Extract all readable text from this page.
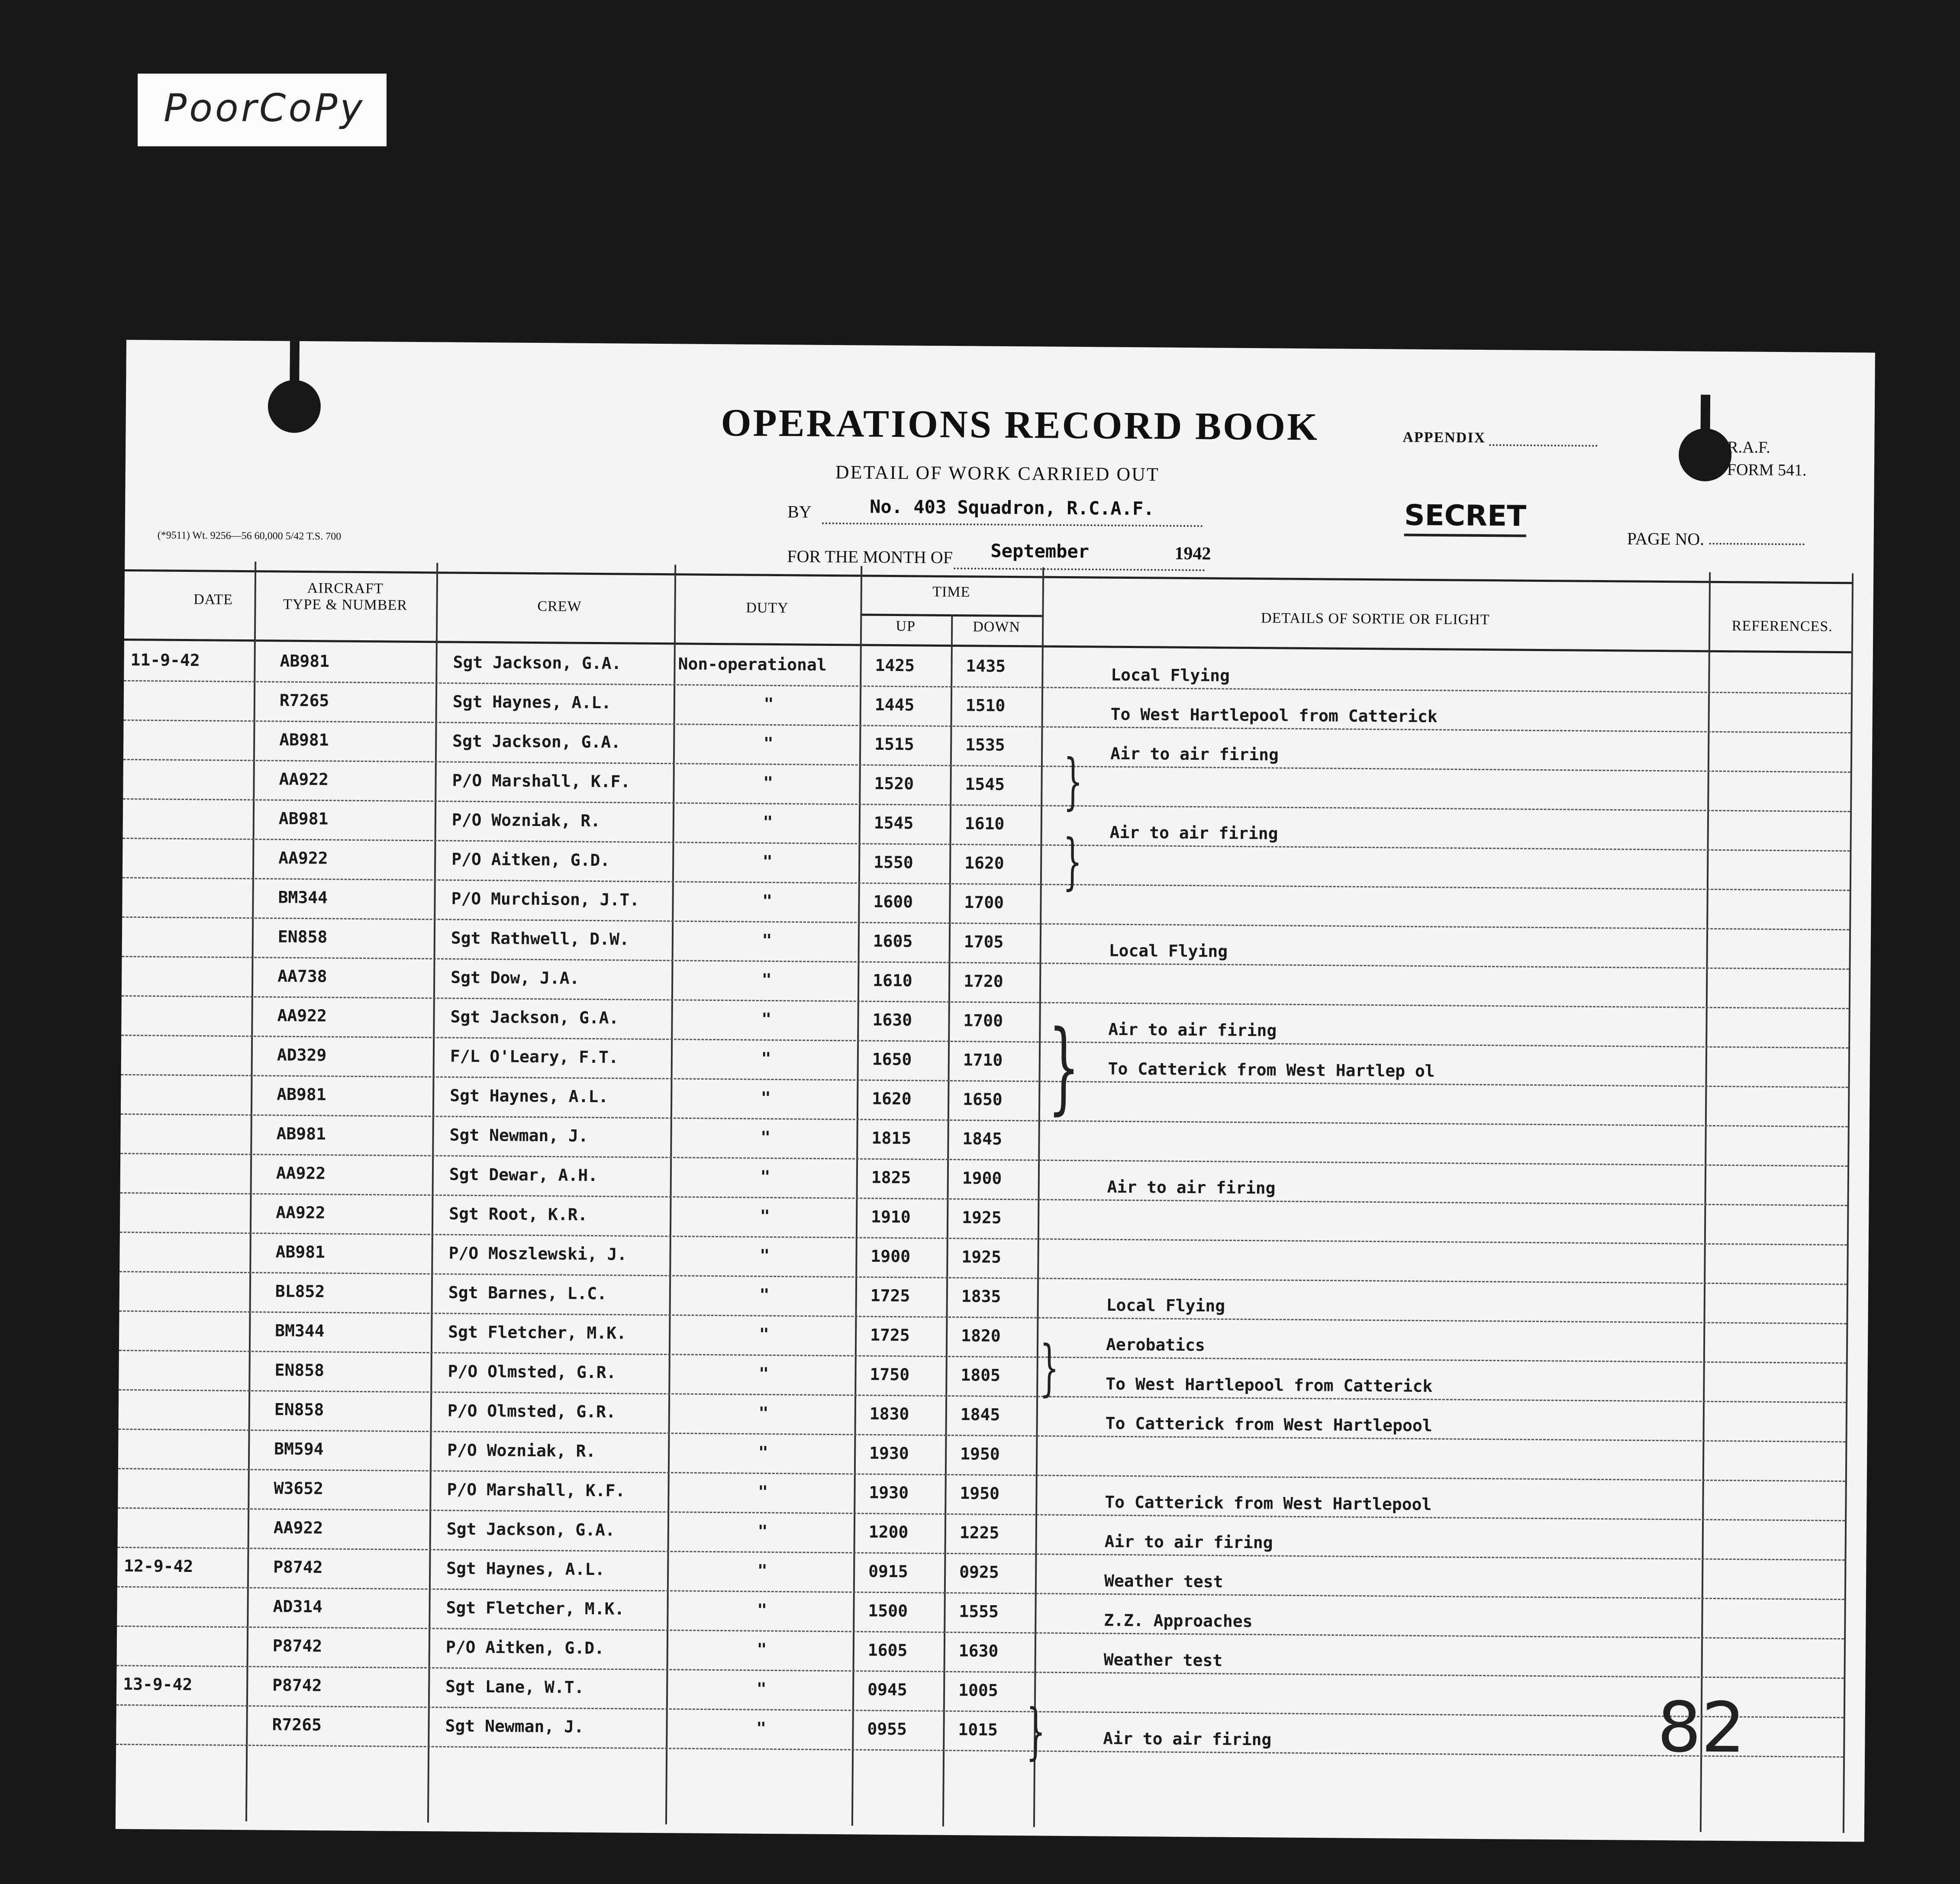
PoorCoPy
OPERATIONS RECORD BOOK
DETAIL OF WORK CARRIED OUT
BY	No. 403 Squadron, R.C.A.F.
FOR THE MONTH OF September	1942
APPENDIX
R.A.F.
FORM 541.
SECRET
PAGE NO.
(*9511) Wt. 9256—56 60,000 5/42 T.S. 700
DATE
AIRCRAFT
TYPE & NUMBER	CREW	DUTY
TIME
UP	DOWN	DETAILS OF SORTIE OR FLIGHT	REFERENCES.
11-9-42	AB981	Sgt Jackson, G.A.	Non-operational	1425	1435	Local Flying
R7265	Sgt Haynes, A.L.	"	1445	1510	To West Hartlepool from Catterick
AB981	Sgt Jackson, G.A.	"	1515	1535	Air to air firing
AA922	P/O Marshall, K.F.	"	1520	1545
AB981	P/O Wozniak, R.	"	1545	1610	Air to air firing
AA922	P/O Aitken, G.D.	"	1550	1620
BM344	P/O Murchison, J.T.	"	1600	1700
EN858	Sgt Rathwell, D.W.	"	1605	1705	Local Flying
AA738	Sgt Dow, J.A.	"	1610	1720
AA922	Sgt Jackson, G.A.	"	1630	1700	Air to air firing
AD329	F/L O'Leary, F.T.	"	1650	1710	To Catterick from West Hartlep ol
AB981	Sgt Haynes, A.L.	"	1620	1650
AB981	Sgt Newman, J.	"	1815	1845
AA922	Sgt Dewar, A.H.	"	1825	1900	Air to air firing
AA922	Sgt Root, K.R.	"	1910	1925
AB981	P/O Moszlewski, J.	"	1900	1925
BL852	Sgt Barnes, L.C.	"	1725	1835	Local Flying
BM344	Sgt Fletcher, M.K.	"	1725	1820	Aerobatics
EN858	P/O Olmsted, G.R.	"	1750	1805	To West Hartlepool from Catterick
EN858	P/O Olmsted, G.R.	"	1830	1845	To Catterick from West Hartlepool
BM594	P/O Wozniak, R.	"	1930	1950
W3652	P/O Marshall, K.F.	"	1930	1950	To Catterick from West Hartlepool
AA922	Sgt Jackson, G.A.	"	1200	1225	Air to air firing
12-9-42	P8742	Sgt Haynes, A.L.	"	0915	0925	Weather test
AD314	Sgt Fletcher, M.K.	"	1500	1555	Z.Z. Approaches
P8742	P/O Aitken, G.D.	"	1605	1630	Weather test
13-9-42	P8742	Sgt Lane, W.T.	"	0945	1005
R7265	Sgt Newman, J.	"	0955	1015	Air to air firing
}
}
}
}
}	82
